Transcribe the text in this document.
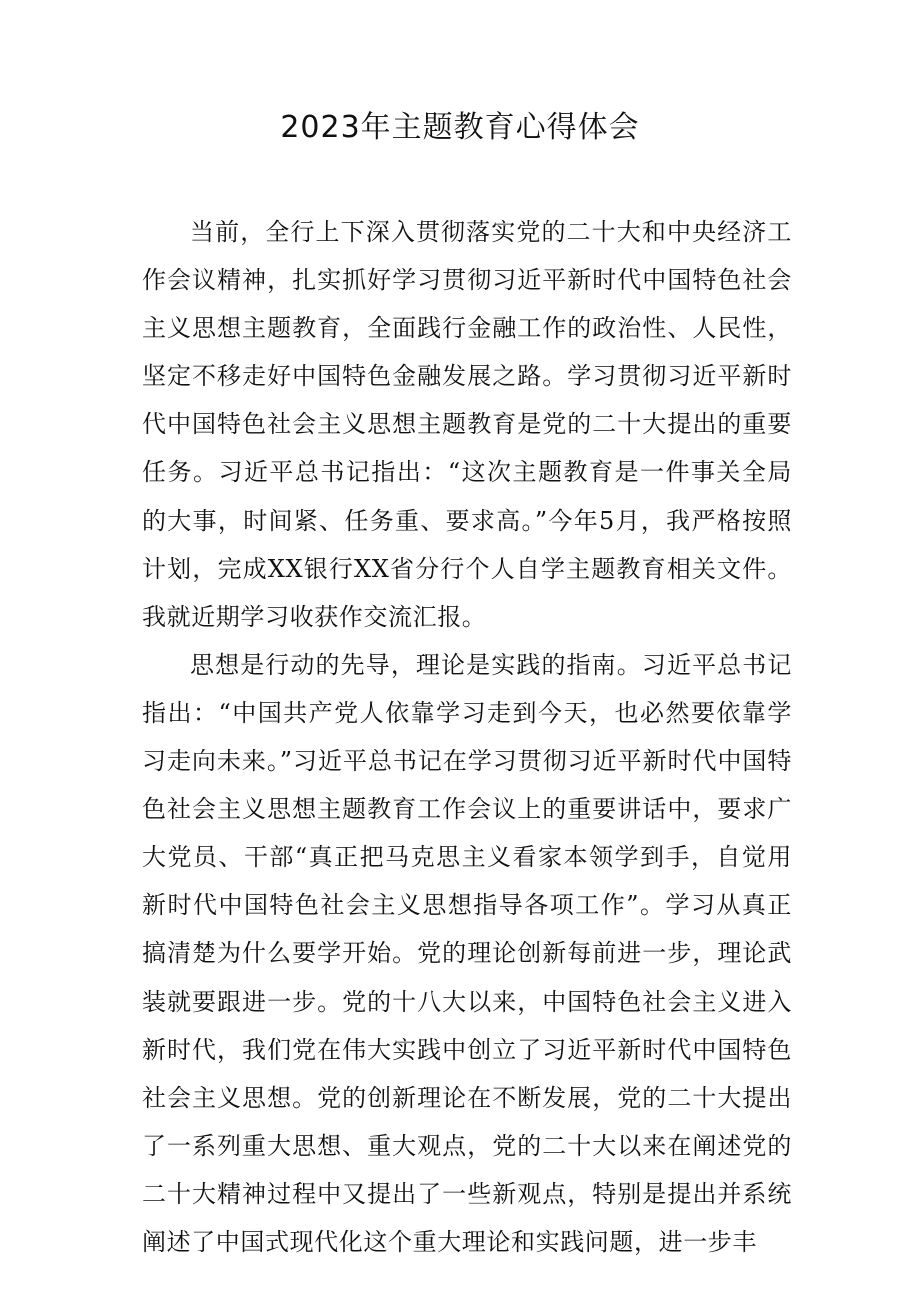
2023年主题教育心得体会

当前，全行上下深入贯彻落实党的二十大和中央经济工作会议精神，扎实抓好学习贯彻习近平新时代中国特色社会主义思想主题教育，全面践行金融工作的政治性、人民性，坚定不移走好中国特色金融发展之路。学习贯彻习近平新时代中国特色社会主义思想主题教育是党的二十大提出的重要任务。习近平总书记指出：“这次主题教育是一件事关全局的大事，时间紧、任务重、要求高。”今年5月，我严格按照计划，完成XX银行XX省分行个人自学主题教育相关文件。我就近期学习收获作交流汇报。

思想是行动的先导，理论是实践的指南。习近平总书记指出：“中国共产党人依靠学习走到今天，也必然要依靠学习走向未来。”习近平总书记在学习贯彻习近平新时代中国特色社会主义思想主题教育工作会议上的重要讲话中，要求广大党员、干部“真正把马克思主义看家本领学到手，自觉用新时代中国特色社会主义思想指导各项工作”。学习从真正搞清楚为什么要学开始。党的理论创新每前进一步，理论武装就要跟进一步。党的十八大以来，中国特色社会主义进入新时代，我们党在伟大实践中创立了习近平新时代中国特色社会主义思想。党的创新理论在不断发展，党的二十大提出了一系列重大思想、重大观点，党的二十大以来在阐述党的二十大精神过程中又提出了一些新观点，特别是提出并系统阐述了中国式现代化这个重大理论和实践问题，进一步丰
